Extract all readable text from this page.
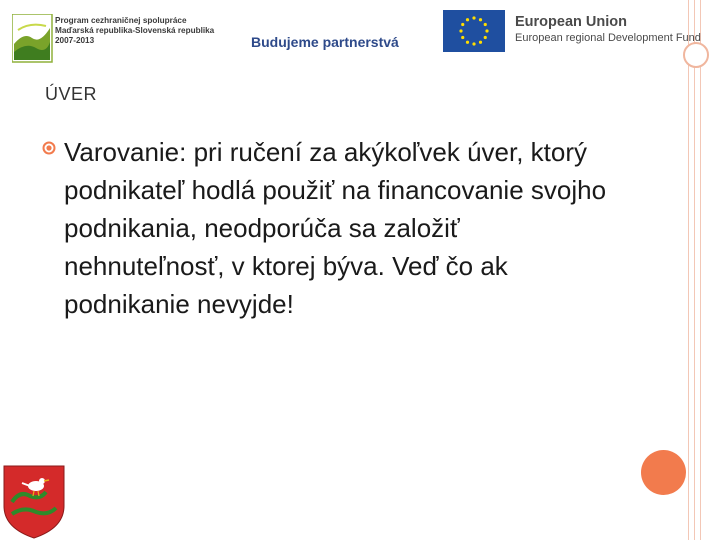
Program cezhraničnej spolupráce
Maďarská republika-Slovenská republika
2007-2013	Budujeme partnerstvá
European Union
European regional Development Fund
ÚVER
Varovanie: pri ručení za akýkoľvek úver, ktorý podnikateľ hodlá použiť na financovanie svojho podnikania, neodporúča sa založiť nehnuteľnosť, v ktorej býva. Veď čo ak podnikanie nevyjde!
